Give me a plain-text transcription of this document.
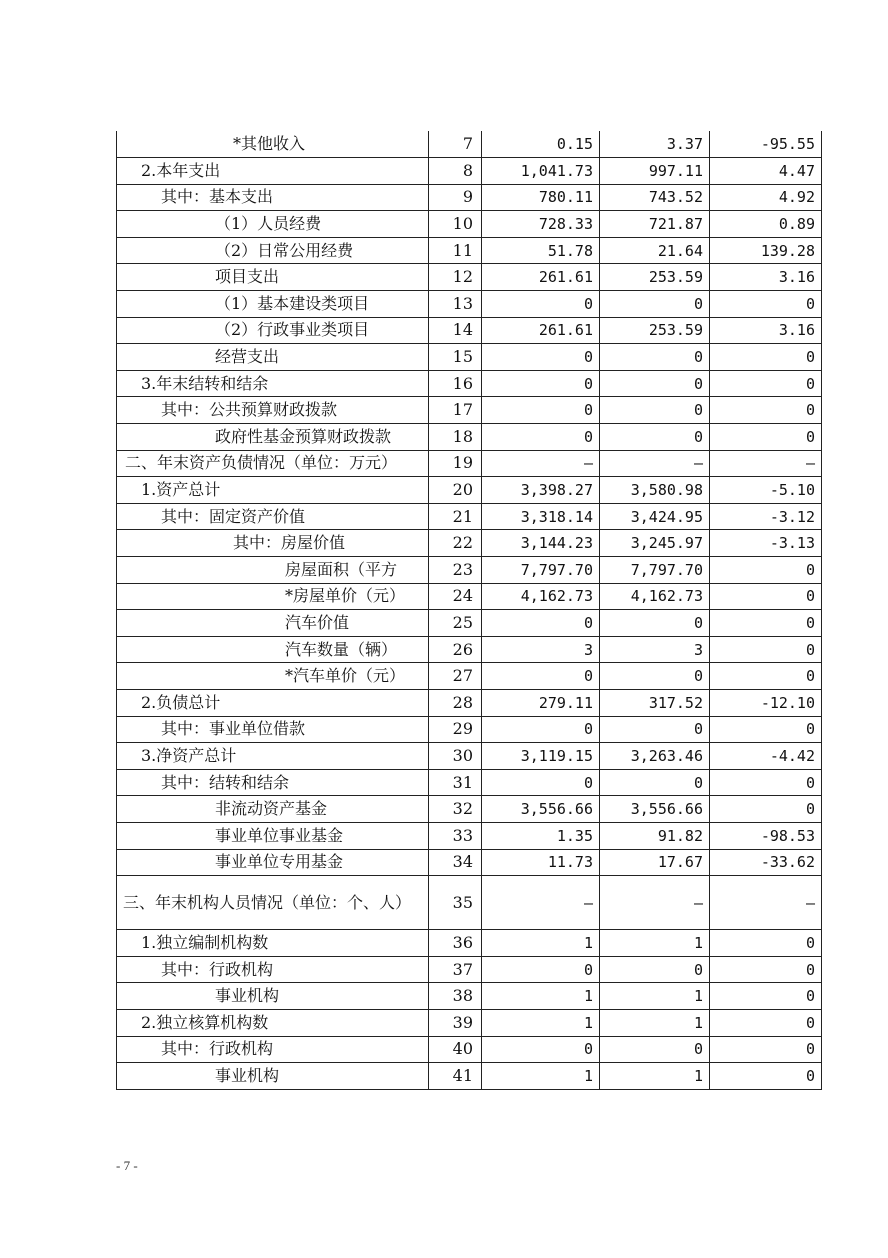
*其他收入	7	0.15	3.37	-95.55
2.本年支出	8	1,041.73	997.11	4.47
其中：基本支出	9	780.11	743.52	4.92
（1）人员经费	10	728.33	721.87	0.89
（2）日常公用经费	11	51.78	21.64	139.28
项目支出	12	261.61	253.59	3.16
（1）基本建设类项目	13	0	0	0
（2）行政事业类项目	14	261.61	253.59	3.16
经营支出	15	0	0	0
3.年末结转和结余	16	0	0	0
其中：公共预算财政拨款	17	0	0	0
政府性基金预算财政拨款	18	0	0	0
二、年末资产负债情况（单位：万元）	19	—	—	—
1.资产总计	20	3,398.27	3,580.98	-5.10
其中：固定资产价值	21	3,318.14	3,424.95	-3.12
其中：房屋价值	22	3,144.23	3,245.97	-3.13
房屋面积（平方	23	7,797.70	7,797.70	0
*房屋单价（元）	24	4,162.73	4,162.73	0
汽车价值	25	0	0	0
汽车数量（辆）	26	3	3	0
*汽车单价（元）	27	0	0	0
2.负债总计	28	279.11	317.52	-12.10
其中：事业单位借款	29	0	0	0
3.净资产总计	30	3,119.15	3,263.46	-4.42
其中：结转和结余	31	0	0	0
非流动资产基金	32	3,556.66	3,556.66	0
事业单位事业基金	33	1.35	91.82	-98.53
事业单位专用基金	34	11.73	17.67	-33.62
三、年末机构人员情况（单位：个、人）	35	—	—	—
1.独立编制机构数	36	1	1	0
其中：行政机构	37	0	0	0
事业机构	38	1	1	0
2.独立核算机构数	39	1	1	0
其中：行政机构	40	0	0	0
事业机构	41	1	1	0
- 7 -
